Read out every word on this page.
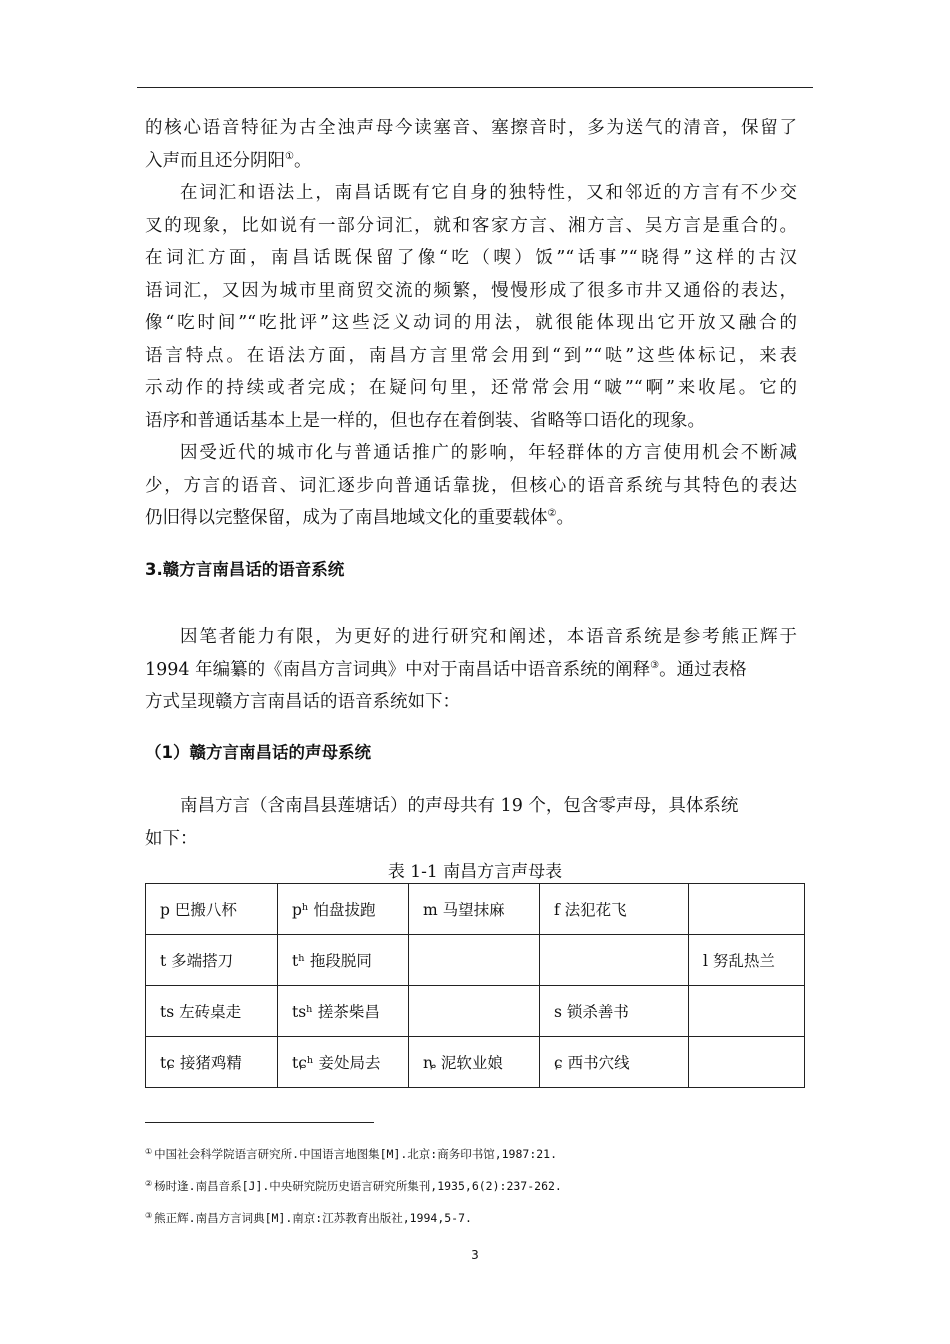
的核心语音特征为古全浊声母今读塞音、塞擦音时，多为送气的清音，保留了
入声而且还分阴阳①。
在词汇和语法上，南昌话既有它自身的独特性，又和邻近的方言有不少交
叉的现象，比如说有一部分词汇，就和客家方言、湘方言、吴方言是重合的。
在词汇方面，南昌话既保留了像“吃（喫）饭”“话事”“晓得”这样的古汉
语词汇，又因为城市里商贸交流的频繁，慢慢形成了很多市井又通俗的表达，
像“吃时间”“吃批评”这些泛义动词的用法，就很能体现出它开放又融合的
语言特点。在语法方面，南昌方言里常会用到“到”“哒”这些体标记，来表
示动作的持续或者完成；在疑问句里，还常常会用“啵”“啊”来收尾。它的
语序和普通话基本上是一样的，但也存在着倒装、省略等口语化的现象。
因受近代的城市化与普通话推广的影响，年轻群体的方言使用机会不断减
少，方言的语音、词汇逐步向普通话靠拢，但核心的语音系统与其特色的表达
仍旧得以完整保留，成为了南昌地域文化的重要载体②。
3.赣方言南昌话的语音系统
因笔者能力有限，为更好的进行研究和阐述，本语音系统是参考熊正辉于
1994 年编纂的《南昌方言词典》中对于南昌话中语音系统的阐释③。通过表格
方式呈现赣方言南昌话的语音系统如下：
（1）赣方言南昌话的声母系统
南昌方言（含南昌县莲塘话）的声母共有 19 个，包含零声母，具体系统
如下：
表 1-1 南昌方言声母表
p 巴搬八杯	pʰ 怕盘拔跑	m 马望抹麻	f 法犯花飞	
t 多端搭刀	tʰ 拖段脱同			l 努乱热兰
ts 左砖桌走	tsʰ 搓茶柴昌		s 锁杀善书	
tɕ 接猪鸡精	tɕʰ 妾处局去	ȵ 泥软业娘	ɕ 西书穴线	
① 中国社会科学院语言研究所.中国语言地图集[M].北京:商务印书馆,1987:21.
② 杨时逢.南昌音系[J].中央研究院历史语言研究所集刊,1935,6(2):237-262.
③ 熊正辉.南昌方言词典[M].南京:江苏教育出版社,1994,5-7.
3
